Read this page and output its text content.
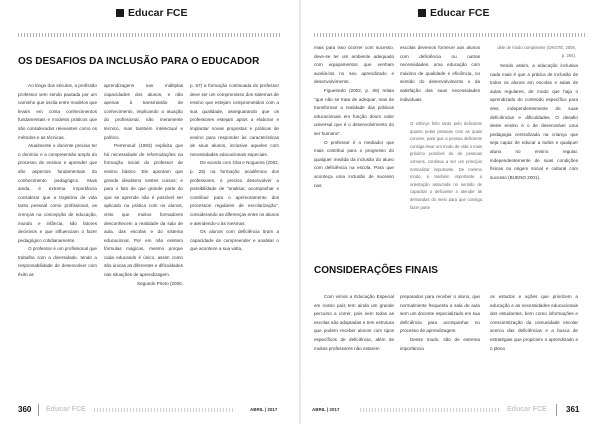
Educar FCE
OS DESAFIOS DA INCLUSÃO PARA O EDUCADOR
Ao longo dos séculos, a profissão professor vem sendo pautada por um caminho que oscila entre modelos que levam em conta conhecimentos fundamentais e modelos práticos que são considerados relevantes como os métodos e as técnicas.
Atualmente o docente precisa ter o domínio e a compreensão amplo do processo de ensinar e aprender que são aspectos fundamentais do conhecimento pedagógico. Mais ainda, é extrema importância considerar que a trajetória de vida tanto pessoal como profissional, as crenças na concepção de educação, mundo e infância, são fatores decisivos e que influenciam o fazer pedagógico cotidianamente.
O professor é um profissional que trabalha com a diversidade, tendo a responsabilidade de desenvolver com êxito as
aprendizagens nas múltiplas capacidades dos alunos, e não apenas à transmissão de conhecimento, implicando a atuação do profissional, não meramente técnico, mas também intelectual e político.
Perrenoud (1993) explicita que há necessidade de reformulações na formação inicial do professor de ensino básico. Ele apontam que grande idealismo nestes cursos; e para o fato de que grande parte do que se aprende não é possível ser aplicado na prática com os alunos, visto que muitos formadores desconhecem a realidade da sala de aula, das escolas e do sistema educacional. Por em não existem fórmulas mágicas, mesmo porque cada educando é único, assim como são únicas as diferentes e dificuldades nas situações de aprendizagem.
Segundo Prieto (2006,
p. 57) a formação continuada do professor deve ser um compromisso dos sistemas de ensino que estejam comprometidos com a sua qualidade, asseguarando que os professores estejam aptos a elaborar e implantar novas propostas e práticas de ensino para responder às características de seus alunos, inclusive aqueles com necessidades educacionais especiais.
De acordo com Glat e Nogueira (2002, p. 25) na formação acadêmica dos professores, é preciso desenvolver a possibilidade de "analisar, acompanhar e contribuir para o aprimoramento dos processos regulares de escolarização", considerando as diferenças entre os alunos e atendendo-o às mesmas.
Os alunos com deficiência tiram a capacidade de compreender e analisar o que acontece a sua volta,
360 Educar FCE	ABRIL | 2017
Educar FCE
mais para isso ocorrer com sucesso, deve-se ter um ambiente adequado com equipamentos que venham auxiliá-los no seu aprendizado e desenvolvimento.
Figueiredo (2002, p. 68) relata "que não se trata de adequar, mas de transformar a realidade das práticas educacionais em função deum valor universal que é o desenvolvimento do ser humano".
O professor é o mediador que mais contribui para o progresso do qualquer medida da inclusão do aluno com deficiência na escola. Para que aconteça uma inclusão de sucesso nas
escolas devemos fornecer aos alunos com deficiência ou outras necessidades, uma educação com máximo de qualidade e eficiência, no sentido do desenvolvimento e da satisfação das suas necessidades individuais.
O esforço feito tanto pelo deficiente quanto pelas pessoas com as quais convive, para que a pessoa deficiente consiga levar um modo de vida o mais próximo possível do de pessoas comuns, continua a ser um princípio normalizar importante. De mesmo modo, é também importante a orientação assumida no sentido de capacitar o deficiente a atender às demandas do meio para que consiga fazer parte
dele de modo competente (ONOTE, 2006, p. 264).
Sendo assim, a educação inclusiva nada mais é que a prática de inclusão de todos os alunos em escolas e salas de aulas regulares, de modo que haja o aprendizado do conteúdo específico para eles, independentemente de suas deficiências e dificuldades. O desafio deste ensino é o de desenvolver uma pedagogia centralizada na criança que seja capaz de educar a todos e qualquer aluno no ensino regular, independentemente de suas condições físicas ou origem social e cultural com sucesso (BUENO 2001).
CONSIDERAÇÕES FINAIS
Com vimos a Educação Especial em nosso país tem ainda um grande percurso a correr, pois nem todas as escolas são adaptadas e tem estrutura que podem receber alunos com tipos específicos de deficiência, além de muitos professores não estarem
preparados para receber o aluno, que normalmente frequenta a sala de aula sem um docente especializado em sua deficiência para acompanhar no processo de aprendizagem.
Desse modo, são de extrema importância
os estudos e ações que priorizem a educação e as necessidades educacionais dos estudantes, bem como informações e conscientização da comunidade escolar acerca das deficiências e a busca de estratégias que propiciem o aprendizado e o pleno
ABRIL | 2017	Educar FCE 361
